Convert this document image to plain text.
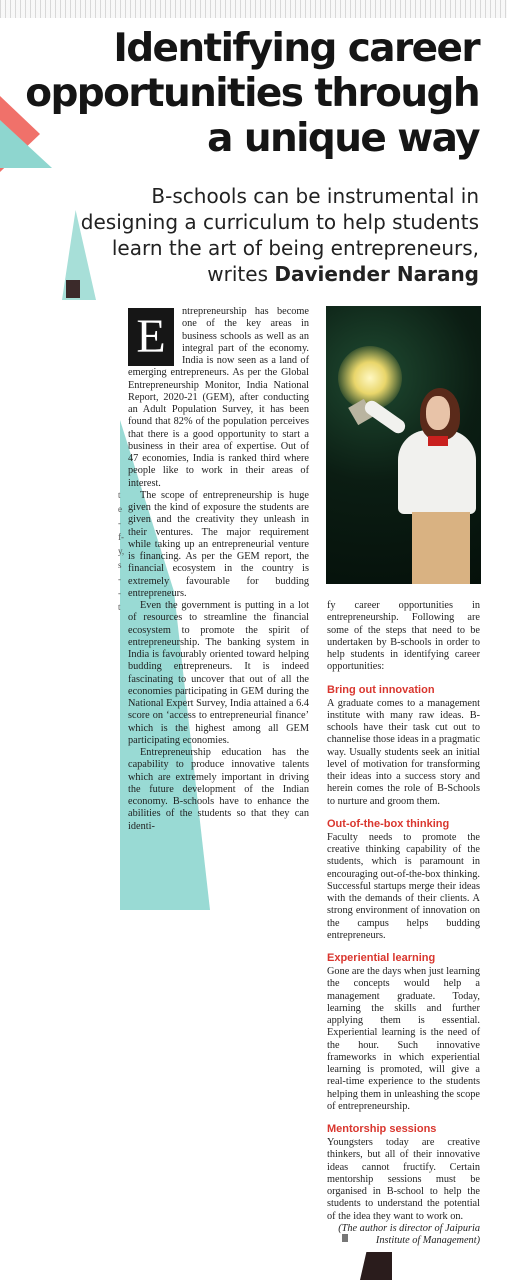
t
e
-
f-
y,
s
-
-
t
Identifying career
opportunities through
a unique way
B-schools can be instrumental in
designing a curriculum to help students
learn the art of being entrepreneurs,
writes Daviender Narang
E	ntrepreneurship has become one of the key areas in business schools as well as an integral part of the economy. India is now seen as a land of emerging entrepreneurs. As per the Global Entrepreneurship Monitor, India National Report, 2020-21 (GEM), after conducting an Adult Population Survey, it has been found that 82% of the population perceives that there is a good opportunity to start a business in their area of expertise. Out of 47 economies, India is ranked third where people like to work in their areas of interest.

The scope of entrepreneurship is huge given the kind of exposure the students are given and the creativity they unleash in their ventures. The major requirement while taking up an entrepreneurial venture is financing. As per the GEM report, the financial ecosystem in the country is extremely favourable for budding entrepreneurs.

Even the government is putting in a lot of resources to streamline the financial ecosystem to promote the spirit of entrepreneurship. The banking system in India is favourably oriented toward helping budding entrepreneurs. It is indeed fascinating to uncover that out of all the economies participating in GEM during the National Expert Survey, India attained a 6.4 score on ‘access to entrepreneurial finance’ which is the highest among all GEM participating economies.

Entrepreneurship education has the capability to produce innovative talents which are extremely important in driving the future development of the Indian economy. B-schools have to enhance the abilities of the students so that they can identi-

fy career opportunities in entrepreneurship. Following are some of the steps that need to be undertaken by B-schools in order to help students in identifying career opportunities:

Bring out innovation

A graduate comes to a management institute with many raw ideas. B-schools have their task cut out to channelise those ideas in a pragmatic way. Usually students seek an initial level of motivation for transforming their ideas into a success story and herein comes the role of B-Schools to nurture and groom them.

Out-of-the-box thinking

Faculty needs to promote the creative thinking capability of the students, which is paramount in encouraging out-of-the-box thinking. Successful startups merge their ideas with the demands of their clients. A strong environment of innovation on the campus helps budding entrepreneurs.

Experiential learning

Gone are the days when just learning the concepts would help a management graduate. Today, learning the skills and further applying them is essential. Experiential learning is the need of the hour. Such innovative frameworks in which experiential learning is promoted, will give a real-time experience to the students helping them in unleashing the scope of entrepreneurship.

Mentorship sessions

Youngsters today are creative thinkers, but all of their innovative ideas cannot fructify. Certain mentorship sessions must be organised in B-school to help the students to understand the potential of the idea they want to work on.

(The author is director of Jaipuria Institute of Management)
